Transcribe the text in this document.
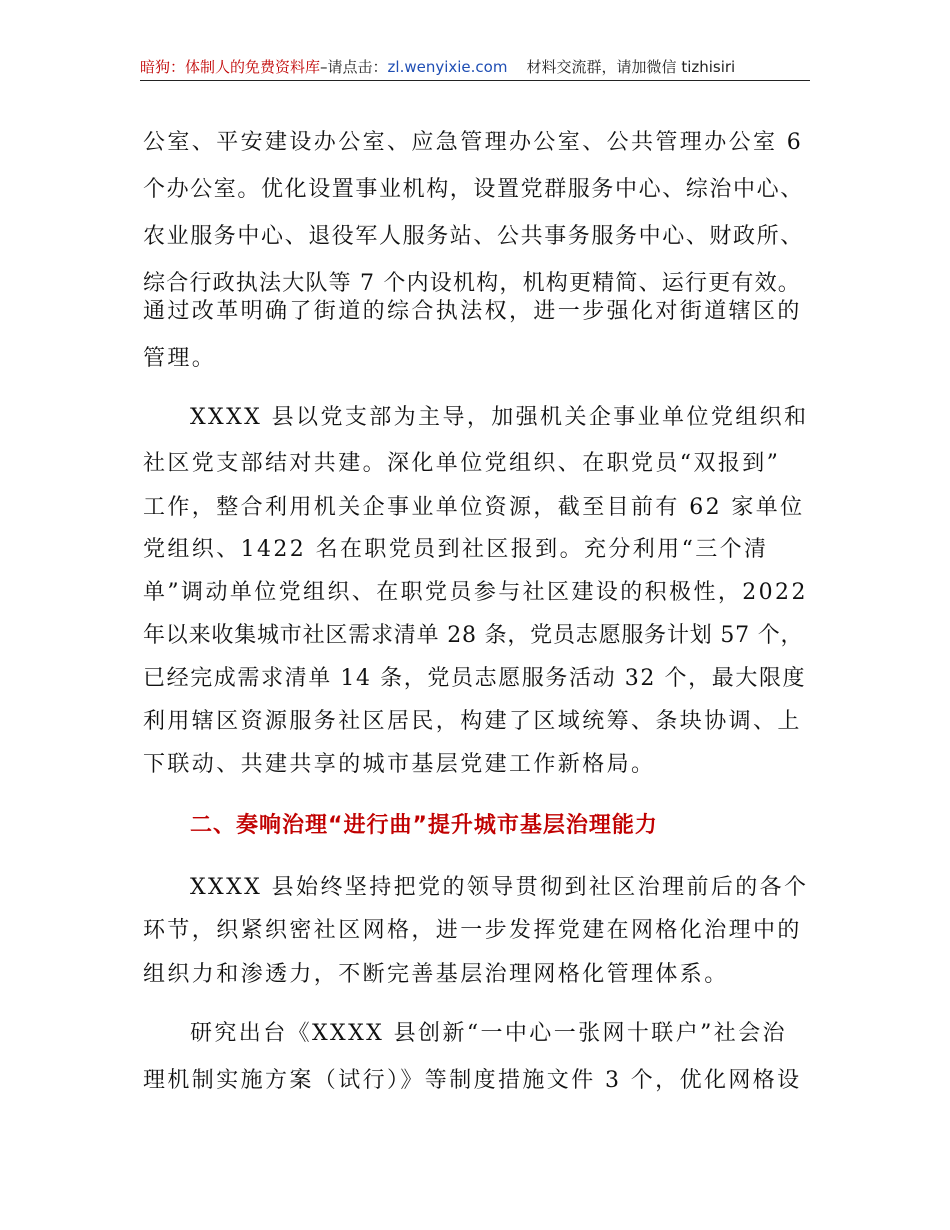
暗狗：体制人的免费资料库–请点击：zl.wenyixie.com 材料交流群，请加微信 tizhisiri
公室、平安建设办公室、应急管理办公室、公共管理办公室 6
个办公室。优化设置事业机构，设置党群服务中心、综治中心、
农业服务中心、退役军人服务站、公共事务服务中心、财政所、
综合行政执法大队等 7 个内设机构，机构更精简、运行更有效。
通过改革明确了街道的综合执法权，进一步强化对街道辖区的
管理。
XXXX 县以党支部为主导，加强机关企事业单位党组织和
社区党支部结对共建。深化单位党组织、在职党员“双报到”
工作，整合利用机关企事业单位资源，截至目前有 62 家单位
党组织、1422 名在职党员到社区报到。充分利用“三个清
单”调动单位党组织、在职党员参与社区建设的积极性，2022
年以来收集城市社区需求清单 28 条，党员志愿服务计划 57 个，
已经完成需求清单 14 条，党员志愿服务活动 32 个，最大限度
利用辖区资源服务社区居民，构建了区域统筹、条块协调、上
下联动、共建共享的城市基层党建工作新格局。
二、奏响治理“进行曲”提升城市基层治理能力
XXXX 县始终坚持把党的领导贯彻到社区治理前后的各个
环节，织紧织密社区网格，进一步发挥党建在网格化治理中的
组织力和渗透力，不断完善基层治理网格化管理体系。
研究出台《XXXX 县创新“一中心一张网十联户”社会治
理机制实施方案（试行）》等制度措施文件 3 个，优化网格设
